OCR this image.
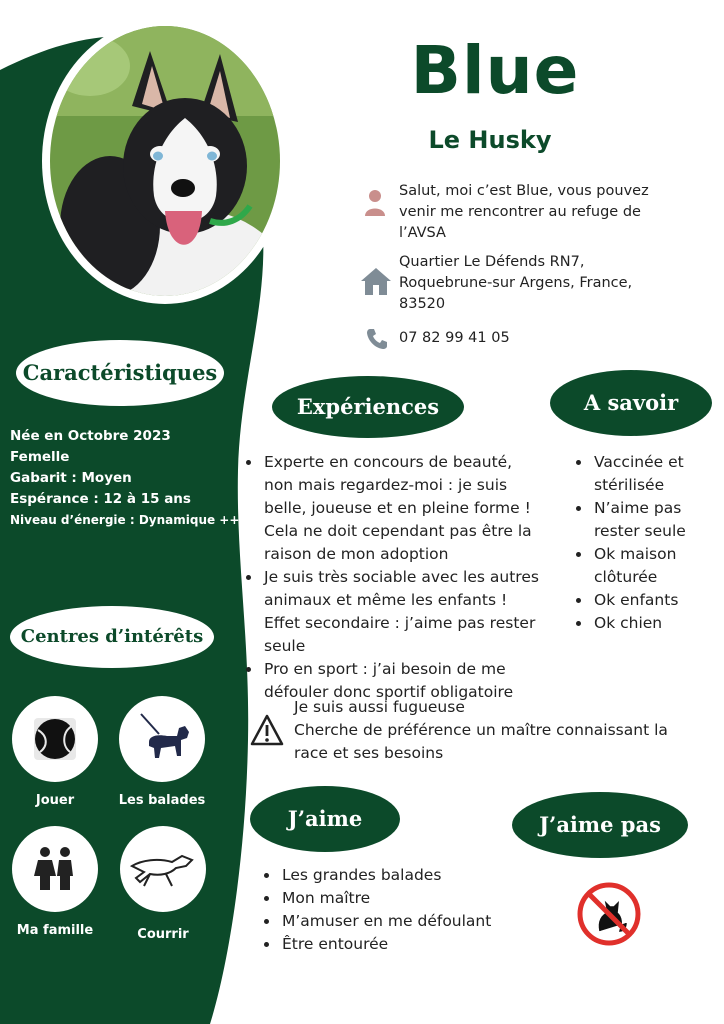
Blue
Le Husky
Salut, moi c’est Blue, vous pouvez venir me rencontrer au refuge de l’AVSA
Quartier Le Défends RN7, Roquebrune-sur Argens, France, 83520
07 82 99 41 05
Caractéristiques
Née en Octobre 2023
Femelle
Gabarit : Moyen
Espérance : 12 à 15 ans
Niveau d’énergie : Dynamique +++
Centres d’intérêts
Jouer	Les balades
Ma famille	Courrir
Expériences
• Experte en concours de beauté, non mais regardez-moi : je suis belle, joueuse et en pleine forme ! Cela ne doit cependant pas être la raison de mon adoption
• Je suis très sociable avec les autres animaux et même les enfants ! Effet secondaire : j’aime pas rester seule
• Pro en sport : j’ai besoin de me défouler donc sportif obligatoire
A savoir
• Vaccinée et stérilisée
• N’aime pas rester seule
• Ok maison clôturée
• Ok enfants
• Ok chien
Je suis aussi fugueuse
Cherche de préférence un maître connaissant la race et ses besoins
J’aime
• Les grandes balades
• Mon maître
• M’amuser en me défoulant
• Être entourée
J’aime pas
